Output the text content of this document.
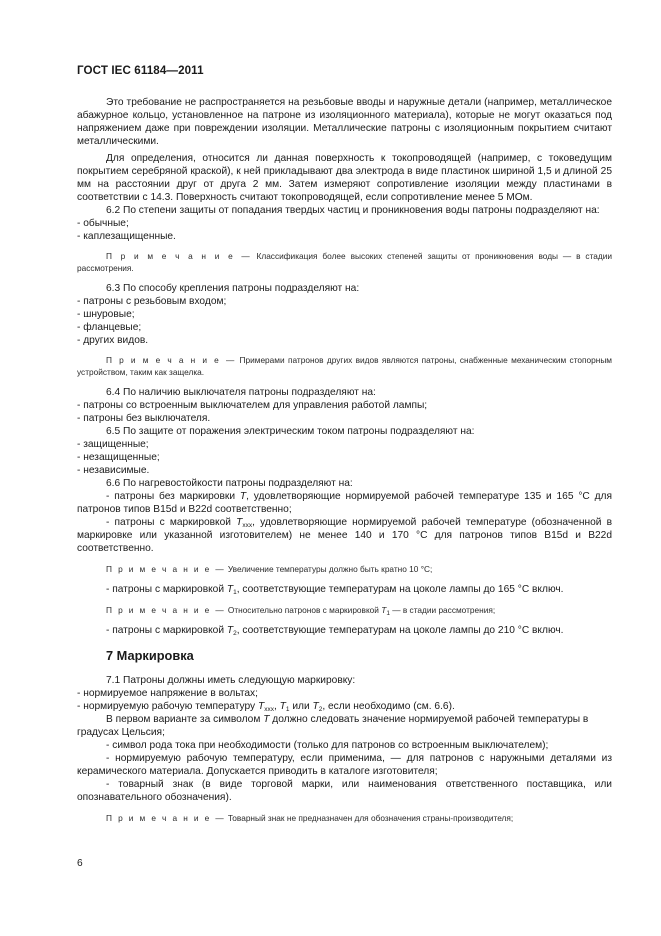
ГОСТ IEC 61184—2011

Это требование не распространяется на резьбовые вводы и наружные детали (например, металлическое абажурное кольцо, установленное на патроне из изоляционного материала), которые не могут оказаться под напряжением даже при повреждении изоляции. Металлические патроны с изоляционным покрытием считают металлическими.

Для определения, относится ли данная поверхность к токопроводящей (например, с токоведущим покрытием серебряной краской), к ней прикладывают два электрода в виде пластинок шириной 1,5 и длиной 25 мм на расстоянии друг от друга 2 мм. Затем измеряют сопротивление изоляции между пластинами в соответствии с 14.3. Поверхность считают токопроводящей, если сопротивление менее 5 МОм.

6.2 По степени защиты от попадания твердых частиц и проникновения воды патроны подразделяют на:

- обычные;
- каплезащищенные.

П р и м е ч а н и е — Классификация более высоких степеней защиты от проникновения воды — в стадии рассмотрения.

6.3 По способу крепления патроны подразделяют на:

- патроны с резьбовым входом;
- шнуровые;
- фланцевые;
- других видов.

П р и м е ч а н и е — Примерами патронов других видов являются патроны, снабженные механическим стопорным устройством, таким как защелка.

6.4 По наличию выключателя патроны подразделяют на:

- патроны со встроенным выключателем для управления работой лампы;
- патроны без выключателя.

6.5 По защите от поражения электрическим током патроны подразделяют на:

- защищенные;
- незащищенные;
- независимые.

6.6 По нагревостойкости патроны подразделяют на:

- патроны без маркировки T, удовлетворяющие нормируемой рабочей температуре 135 и 165 °С для патронов типов B15d и B22d соответственно;

- патроны с маркировкой $T_{xxx}$, удовлетворяющие нормируемой рабочей температуре (обозначенной в маркировке или указанной изготовителем) не менее 140 и 170 °С для патронов типов B15d и B22d соответственно.

П р и м е ч а н и е — Увеличение температуры должно быть кратно 10 °С;

- патроны с маркировкой $T_1$, соответствующие температурам на цоколе лампы до 165 °С включ.

П р и м е ч а н и е — Относительно патронов с маркировкой $T_1$ — в стадии рассмотрения;

- патроны с маркировкой $T_2$, соответствующие температурам на цоколе лампы до 210 °С включ.

7 Маркировка

7.1 Патроны должны иметь следующую маркировку:

- нормируемое напряжение в вольтах;
- нормируемую рабочую температуру $T_{xxx}$, $T_1$ или $T_2$, если необходимо (см. 6.6).

В первом варианте за символом T должно следовать значение нормируемой рабочей температуры в градусах Цельсия;

- символ рода тока при необходимости (только для патронов со встроенным выключателем);

- нормируемую рабочую температуру, если применима, — для патронов с наружными деталями из керамического материала. Допускается приводить в каталоге изготовителя;

- товарный знак (в виде торговой марки, или наименования ответственного поставщика, или опознавательного обозначения).

П р и м е ч а н и е — Товарный знак не предназначен для обозначения страны-производителя;

6
